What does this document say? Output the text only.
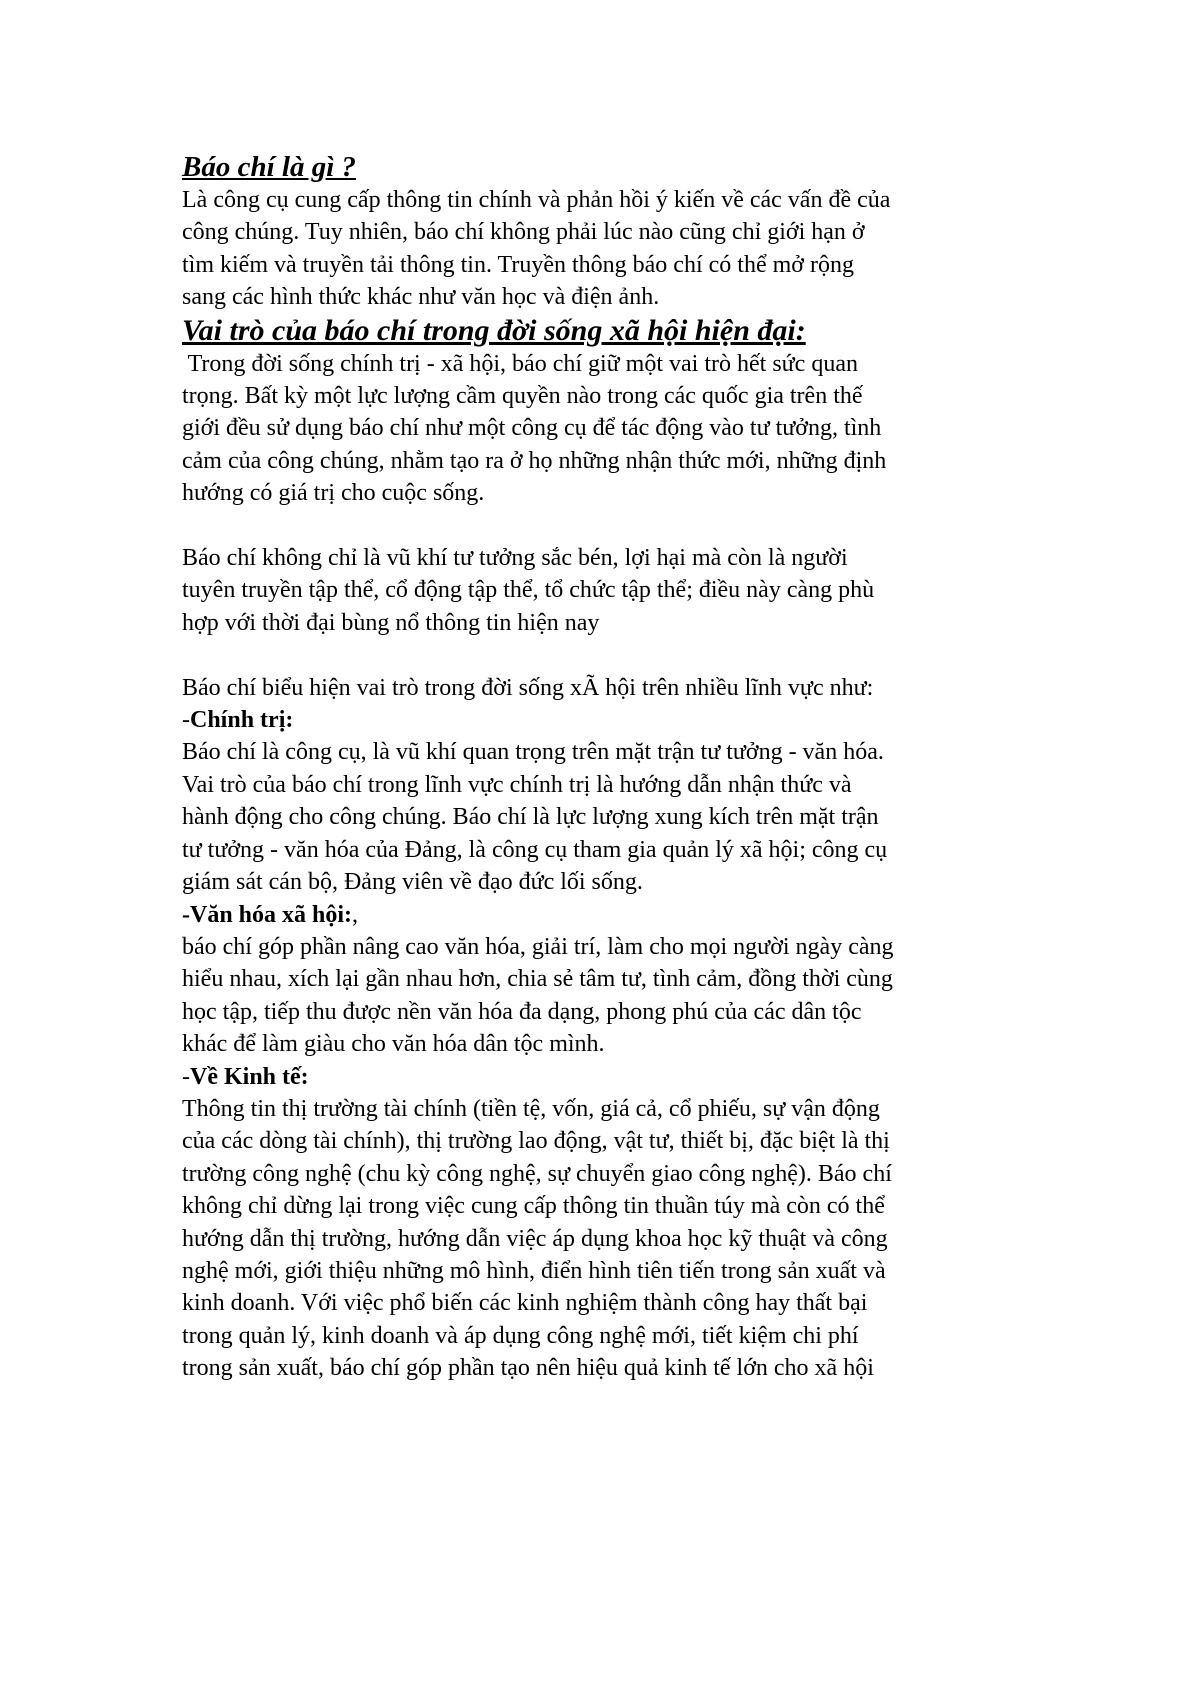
Báo chí là gì ?
Là công cụ cung cấp thông tin chính và phản hồi ý kiến về các vấn đề của
công chúng. Tuy nhiên, báo chí không phải lúc nào cũng chỉ giới hạn ở
tìm kiếm và truyền tải thông tin. Truyền thông báo chí có thể mở rộng
sang các hình thức khác như văn học và điện ảnh.
Vai trò của báo chí trong đời sống xã hội hiện đại:
Trong đời sống chính trị - xã hội, báo chí giữ một vai trò hết sức quan
trọng. Bất kỳ một lực lượng cầm quyền nào trong các quốc gia trên thế
giới đều sử dụng báo chí như một công cụ để tác động vào tư tưởng, tình
cảm của công chúng, nhằm tạo ra ở họ những nhận thức mới, những định
hướng có giá trị cho cuộc sống.
Báo chí không chỉ là vũ khí tư tưởng sắc bén, lợi hại mà còn là người
tuyên truyền tập thể, cổ động tập thể, tổ chức tập thể; điều này càng phù
hợp với thời đại bùng nổ thông tin hiện nay
Báo chí biểu hiện vai trò trong đời sống xÃ hội trên nhiều lĩnh vực như:
-Chính trị:
Báo chí là công cụ, là vũ khí quan trọng trên mặt trận tư tưởng - văn hóa.
Vai trò của báo chí trong lĩnh vực chính trị là hướng dẫn nhận thức và
hành động cho công chúng. Báo chí là lực lượng xung kích trên mặt trận
tư tưởng - văn hóa của Đảng, là công cụ tham gia quản lý xã hội; công cụ
giám sát cán bộ, Đảng viên về đạo đức lối sống.
-Văn hóa xã hội:,
báo chí góp phần nâng cao văn hóa, giải trí, làm cho mọi người ngày càng
hiểu nhau, xích lại gần nhau hơn, chia sẻ tâm tư, tình cảm, đồng thời cùng
học tập, tiếp thu được nền văn hóa đa dạng, phong phú của các dân tộc
khác để làm giàu cho văn hóa dân tộc mình.
-Về Kinh tế:
Thông tin thị trường tài chính (tiền tệ, vốn, giá cả, cổ phiếu, sự vận động
của các dòng tài chính), thị trường lao động, vật tư, thiết bị, đặc biệt là thị
trường công nghệ (chu kỳ công nghệ, sự chuyển giao công nghệ). Báo chí
không chỉ dừng lại trong việc cung cấp thông tin thuần túy mà còn có thể
hướng dẫn thị trường, hướng dẫn việc áp dụng khoa học kỹ thuật và công
nghệ mới, giới thiệu những mô hình, điển hình tiên tiến trong sản xuất và
kinh doanh. Với việc phổ biến các kinh nghiệm thành công hay thất bại
trong quản lý, kinh doanh và áp dụng công nghệ mới, tiết kiệm chi phí
trong sản xuất, báo chí góp phần tạo nên hiệu quả kinh tế lớn cho xã hội
